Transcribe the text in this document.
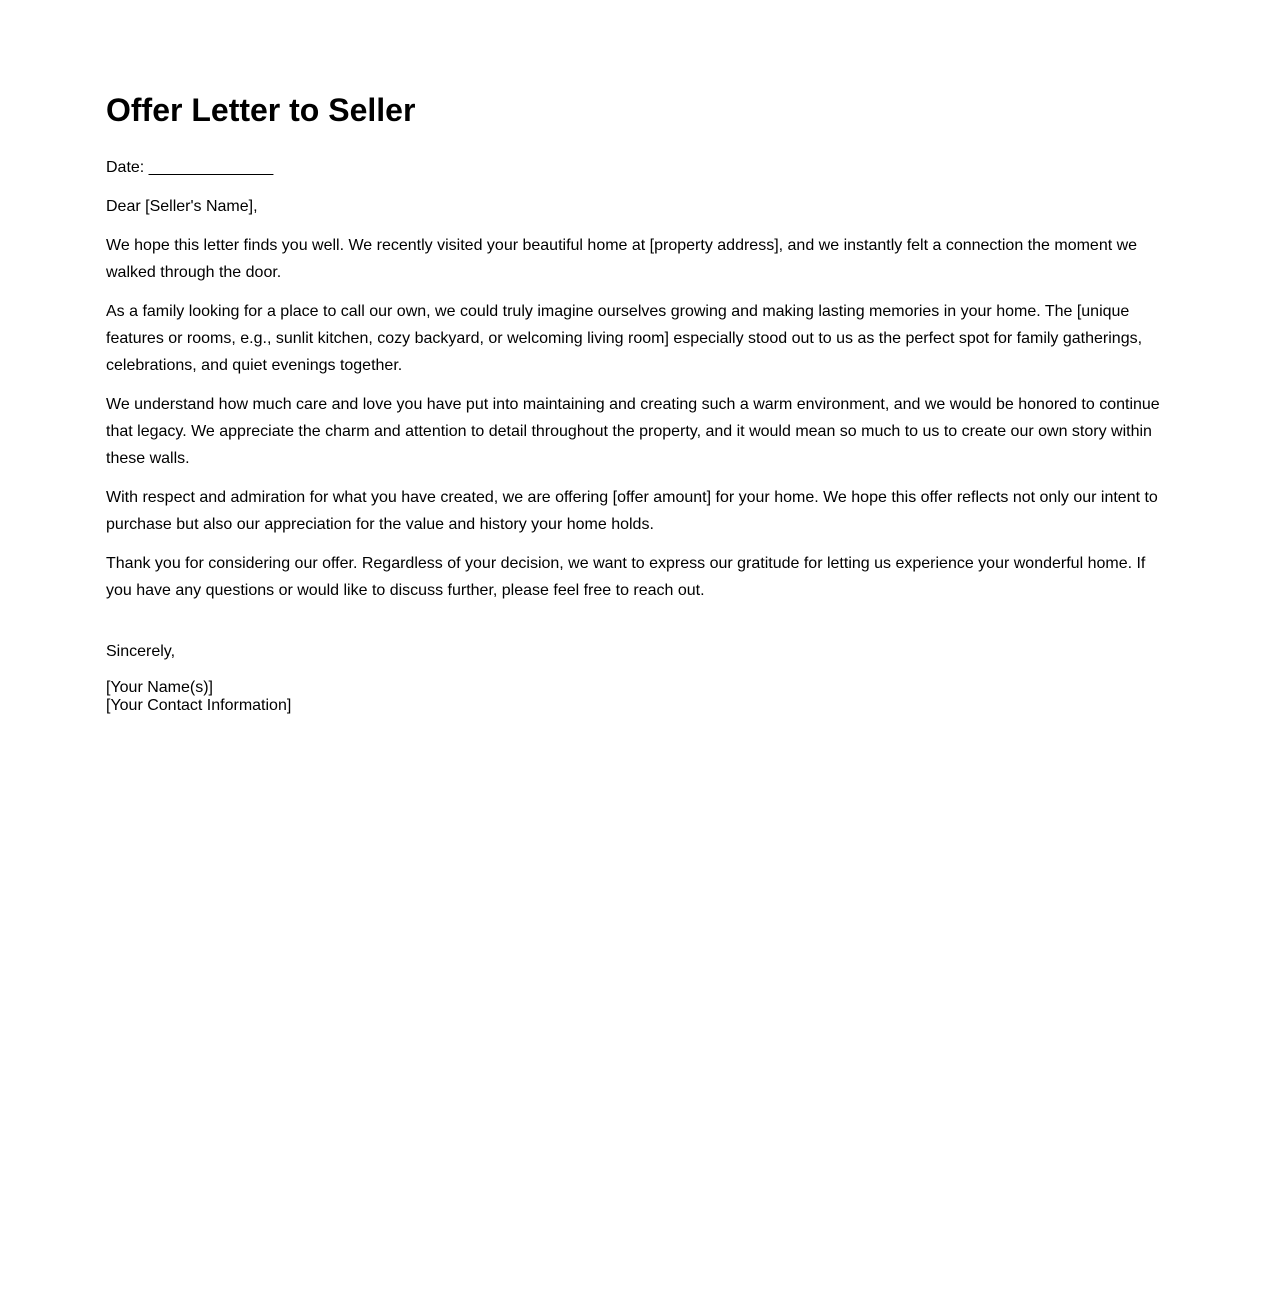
Offer Letter to Seller

Date: ______________

Dear [Seller's Name],

We hope this letter finds you well. We recently visited your beautiful home at [property address], and we instantly felt a connection the moment we walked through the door.

As a family looking for a place to call our own, we could truly imagine ourselves growing and making lasting memories in your home. The [unique features or rooms, e.g., sunlit kitchen, cozy backyard, or welcoming living room] especially stood out to us as the perfect spot for family gatherings, celebrations, and quiet evenings together.

We understand how much care and love you have put into maintaining and creating such a warm environment, and we would be honored to continue that legacy. We appreciate the charm and attention to detail throughout the property, and it would mean so much to us to create our own story within these walls.

With respect and admiration for what you have created, we are offering [offer amount] for your home. We hope this offer reflects not only our intent to purchase but also our appreciation for the value and history your home holds.

Thank you for considering our offer. Regardless of your decision, we want to express our gratitude for letting us experience your wonderful home. If you have any questions or would like to discuss further, please feel free to reach out.

Sincerely,

[Your Name(s)]
[Your Contact Information]
